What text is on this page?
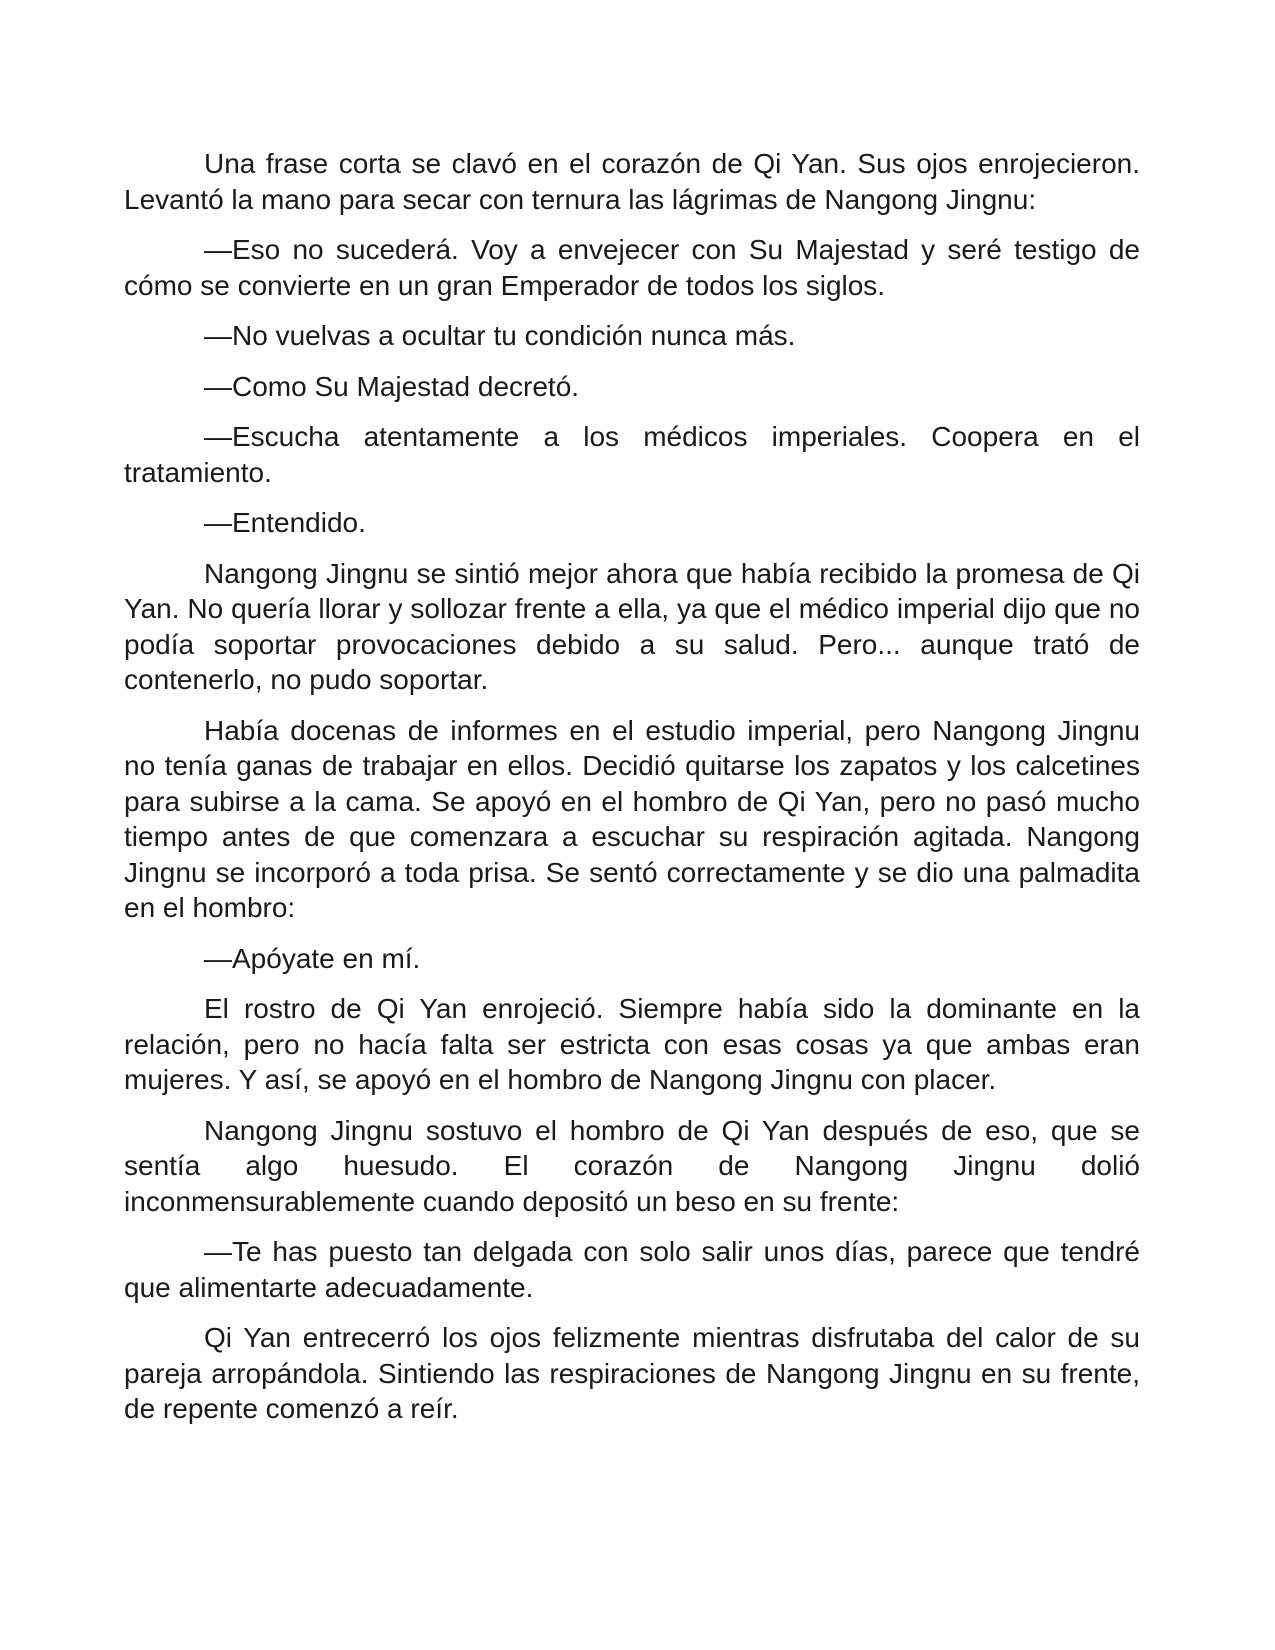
Una frase corta se clavó en el corazón de Qi Yan. Sus ojos enrojecieron. Levantó la mano para secar con ternura las lágrimas de Nangong Jingnu:

—Eso no sucederá. Voy a envejecer con Su Majestad y seré testigo de cómo se convierte en un gran Emperador de todos los siglos.

—No vuelvas a ocultar tu condición nunca más.

—Como Su Majestad decretó.

—Escucha atentamente a los médicos imperiales. Coopera en el tratamiento.

—Entendido.

Nangong Jingnu se sintió mejor ahora que había recibido la promesa de Qi Yan. No quería llorar y sollozar frente a ella, ya que el médico imperial dijo que no podía soportar provocaciones debido a su salud. Pero... aunque trató de contenerlo, no pudo soportar.

Había docenas de informes en el estudio imperial, pero Nangong Jingnu no tenía ganas de trabajar en ellos. Decidió quitarse los zapatos y los calcetines para subirse a la cama. Se apoyó en el hombro de Qi Yan, pero no pasó mucho tiempo antes de que comenzara a escuchar su respiración agitada. Nangong Jingnu se incorporó a toda prisa. Se sentó correctamente y se dio una palmadita en el hombro:

—Apóyate en mí.

El rostro de Qi Yan enrojeció. Siempre había sido la dominante en la relación, pero no hacía falta ser estricta con esas cosas ya que ambas eran mujeres. Y así, se apoyó en el hombro de Nangong Jingnu con placer.

Nangong Jingnu sostuvo el hombro de Qi Yan después de eso, que se sentía algo huesudo. El corazón de Nangong Jingnu dolió inconmensurablemente cuando depositó un beso en su frente:

—Te has puesto tan delgada con solo salir unos días, parece que tendré que alimentarte adecuadamente.

Qi Yan entrecerró los ojos felizmente mientras disfrutaba del calor de su pareja arropándola. Sintiendo las respiraciones de Nangong Jingnu en su frente, de repente comenzó a reír.
